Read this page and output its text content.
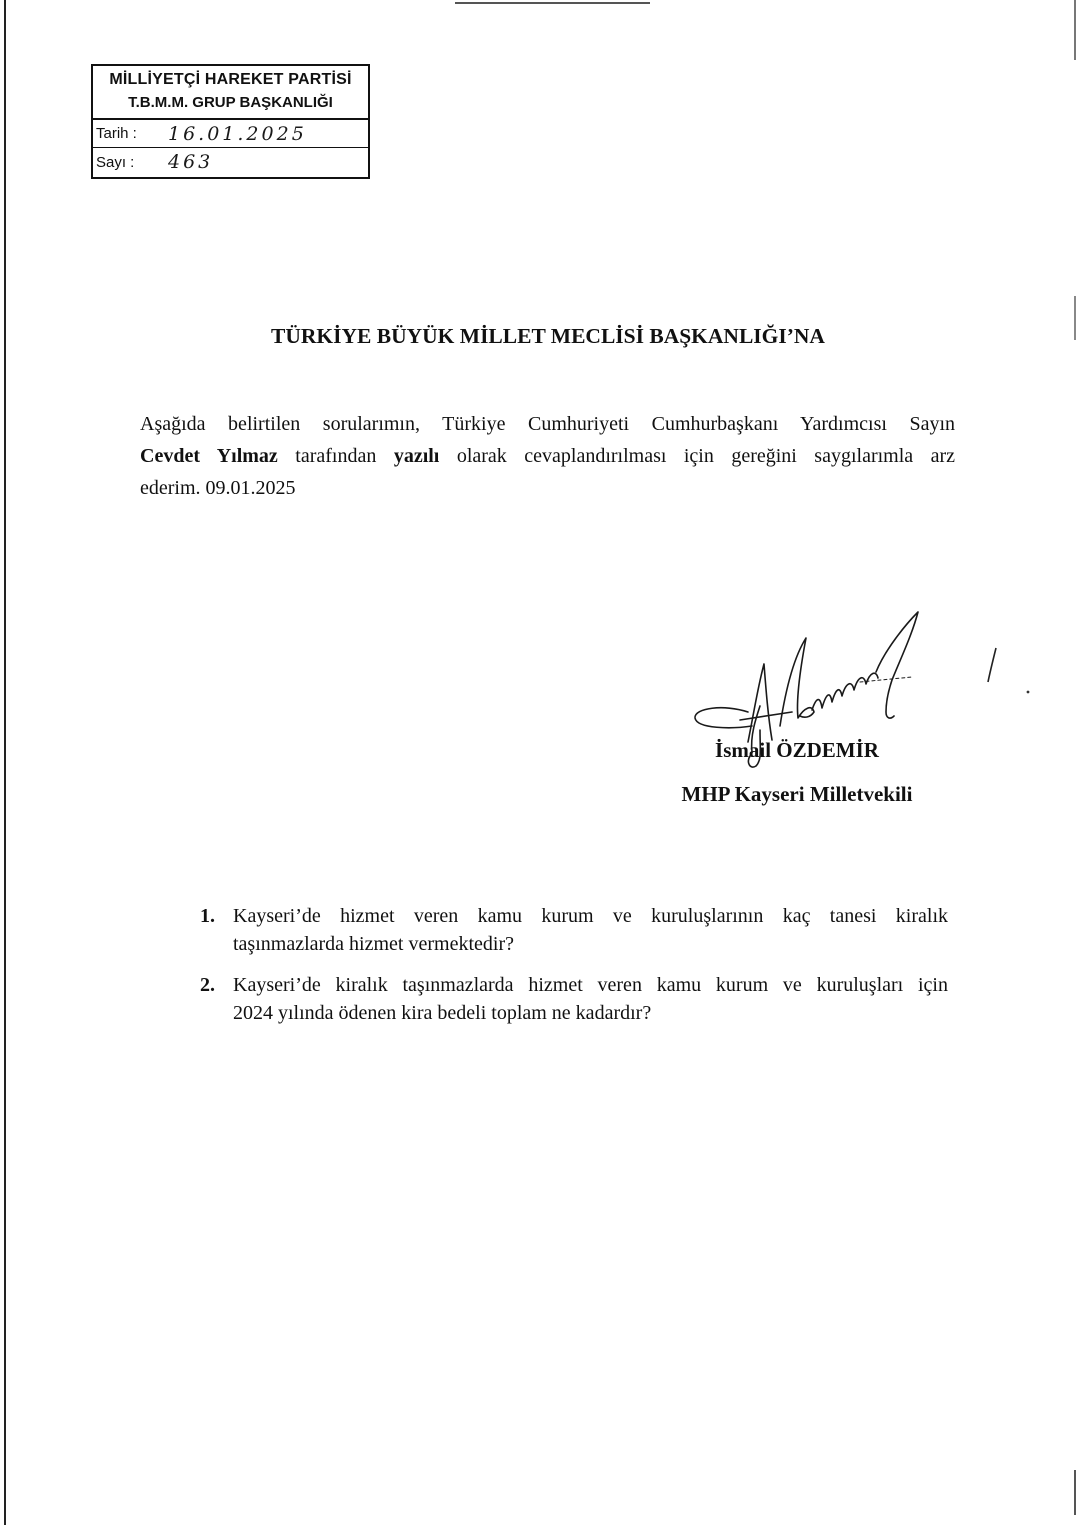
MİLLİYETÇİ HAREKET PARTİSİ
T.B.M.M. GRUP BAŞKANLIĞI
Tarih :	16.01.2025
Sayı :	463
TÜRKİYE BÜYÜK MİLLET MECLİSİ BAŞKANLIĞI’NA
Aşağıda belirtilen sorularımın, Türkiye Cumhuriyeti Cumhurbaşkanı Yardımcısı Sayın
Cevdet Yılmaz tarafından yazılı olarak cevaplandırılması için gereğini saygılarımla arz
ederim. 09.01.2025
İsmail ÖZDEMİR
MHP Kayseri Milletvekili
1. Kayseri’de hizmet veren kamu kurum ve kuruluşlarının kaç tanesi kiralık
taşınmazlarda hizmet vermektedir?
2. Kayseri’de kiralık taşınmazlarda hizmet veren kamu kurum ve kuruluşları için
2024 yılında ödenen kira bedeli toplam ne kadardır?
